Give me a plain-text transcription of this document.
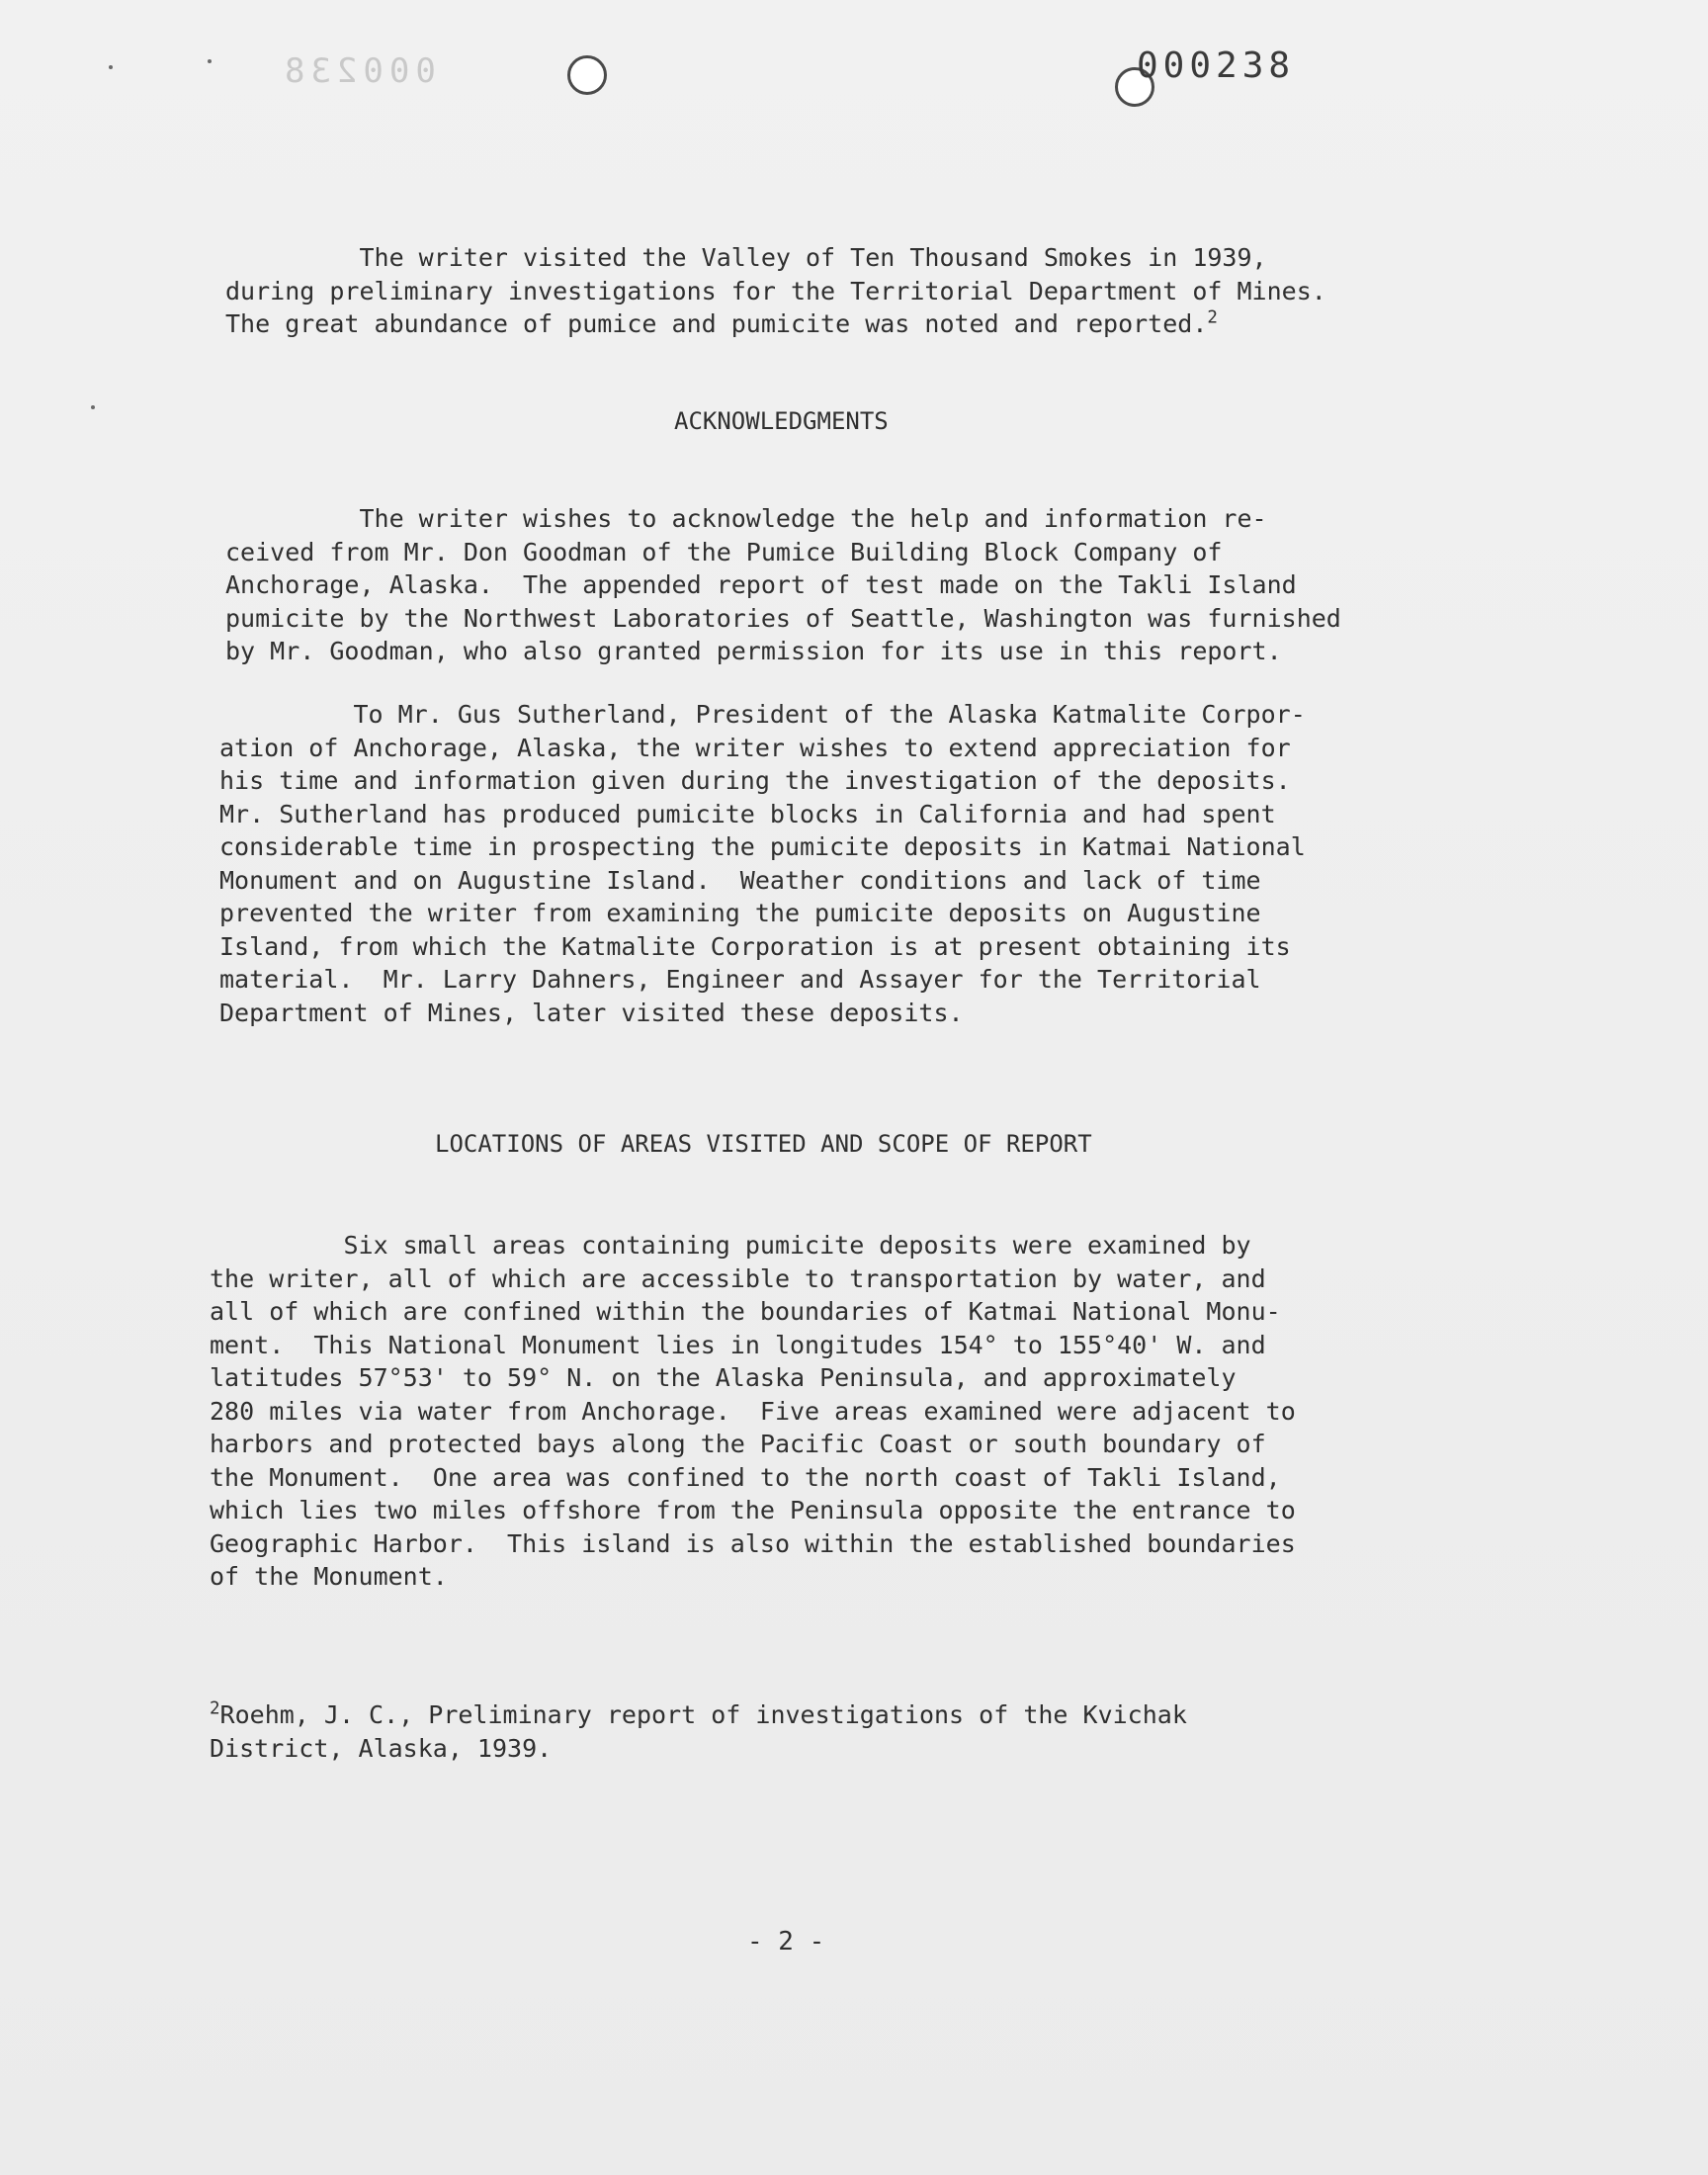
000238	000238
The writer visited the Valley of Ten Thousand Smokes in 1939,
during preliminary investigations for the Territorial Department of Mines.
The great abundance of pumice and pumicite was noted and reported.$^2$
ACKNOWLEDGMENTS
The writer wishes to acknowledge the help and information re-
ceived from Mr. Don Goodman of the Pumice Building Block Company of
Anchorage, Alaska.  The appended report of test made on the Takli Island
pumicite by the Northwest Laboratories of Seattle, Washington was furnished
by Mr. Goodman, who also granted permission for its use in this report.
To Mr. Gus Sutherland, President of the Alaska Katmalite Corpor-
ation of Anchorage, Alaska, the writer wishes to extend appreciation for
his time and information given during the investigation of the deposits.
Mr. Sutherland has produced pumicite blocks in California and had spent
considerable time in prospecting the pumicite deposits in Katmai National
Monument and on Augustine Island.  Weather conditions and lack of time
prevented the writer from examining the pumicite deposits on Augustine
Island, from which the Katmalite Corporation is at present obtaining its
material.  Mr. Larry Dahners, Engineer and Assayer for the Territorial
Department of Mines, later visited these deposits.
LOCATIONS OF AREAS VISITED AND SCOPE OF REPORT
Six small areas containing pumicite deposits were examined by
the writer, all of which are accessible to transportation by water, and
all of which are confined within the boundaries of Katmai National Monu-
ment.  This National Monument lies in longitudes 154° to 155°40' W. and
latitudes 57°53' to 59° N. on the Alaska Peninsula, and approximately
280 miles via water from Anchorage.  Five areas examined were adjacent to
harbors and protected bays along the Pacific Coast or south boundary of
the Monument.  One area was confined to the north coast of Takli Island,
which lies two miles offshore from the Peninsula opposite the entrance to
Geographic Harbor.  This island is also within the established boundaries
of the Monument.
$^2$Roehm, J. C., Preliminary report of investigations of the Kvichak
District, Alaska, 1939.
- 2 -
